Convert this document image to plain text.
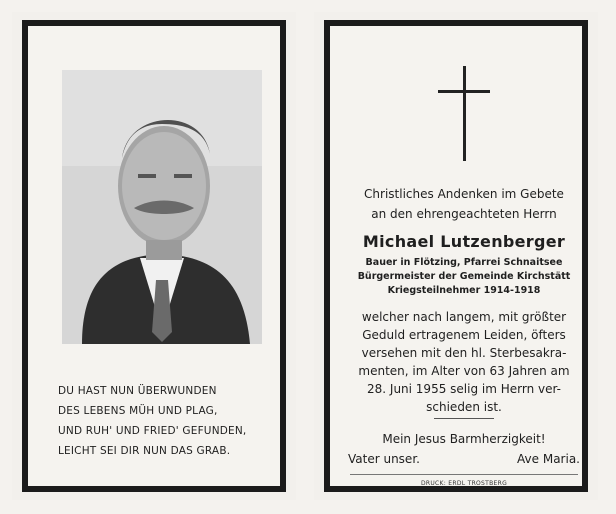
DU HAST NUN ÜBERWUNDEN
DES LEBENS MÜH UND PLAG,
UND RUH' UND FRIED' GEFUNDEN,
LEICHT SEI DIR NUN DAS GRAB.
Christliches Andenken im Gebete
an den ehrengeachteten Herrn
Michael Lutzenberger
Bauer in Flötzing, Pfarrei Schnaitsee
Bürgermeister der Gemeinde Kirchstätt
Kriegsteilnehmer 1914-1918
welcher nach langem, mit größter
Geduld ertragenem Leiden, öfters
versehen mit den hl. Sterbesakra-
menten, im Alter von 63 Jahren am
28. Juni 1955 selig im Herrn ver-
schieden ist.
Mein Jesus Barmherzigkeit!
Vater unser.	Ave Maria.
DRUCK: ERDL TROSTBERG
